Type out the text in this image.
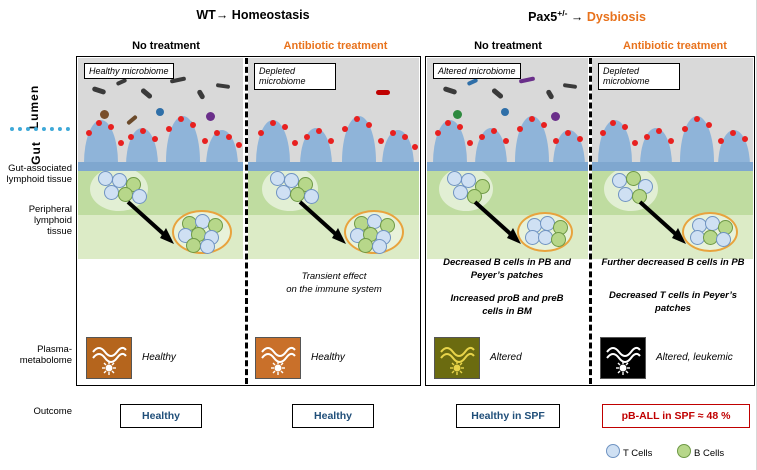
WT→ Homeostasis	Pax5+/- → Dysbiosis
No treatment	Antibiotic treatment	No treatment	Antibiotic treatment
Lumen
Gut
Gut-associated
lymphoid tissue
Peripheral
lymphoid
tissue
Plasma-
metabolome
Outcome
Healthy microbiome	Depleted microbiome
Altered microbiome	Depleted microbiome
Transient effect
on the immune system
Decreased B cells in PB and
Peyer’s patches
Increased proB and preB
cells in BM
Further decreased B cells in PB
Decreased T cells in Peyer’s
patches
Healthy	Healthy	Altered	Altered, leukemic
Healthy	Healthy	Healthy in SPF	pB-ALL in SPF ≈ 48 %
T Cells	B Cells
